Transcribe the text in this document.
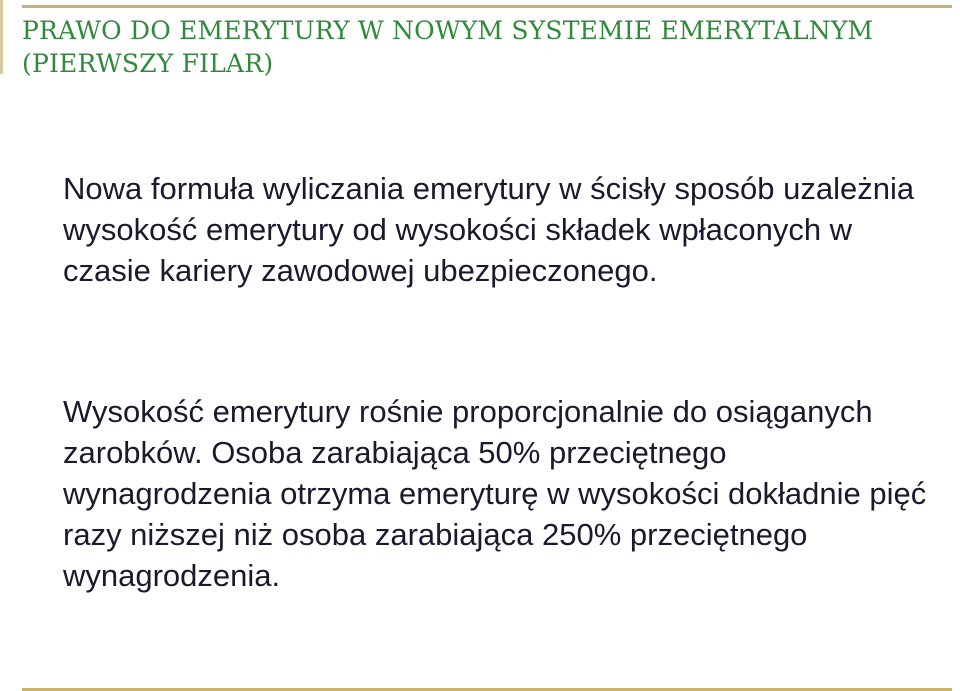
PRAWO DO EMERYTURY W NOWYM SYSTEMIE EMERYTALNYM (PIERWSZY FILAR)

Nowa formuła wyliczania emerytury w ścisły sposób uzależnia wysokość emerytury od wysokości składek wpłaconych w czasie kariery zawodowej ubezpieczonego.

Wysokość emerytury rośnie proporcjonalnie do osiąganych zarobków. Osoba zarabiająca 50% przeciętnego wynagrodzenia otrzyma emeryturę w wysokości dokładnie pięć razy niższej niż osoba zarabiająca 250% przeciętnego wynagrodzenia.
